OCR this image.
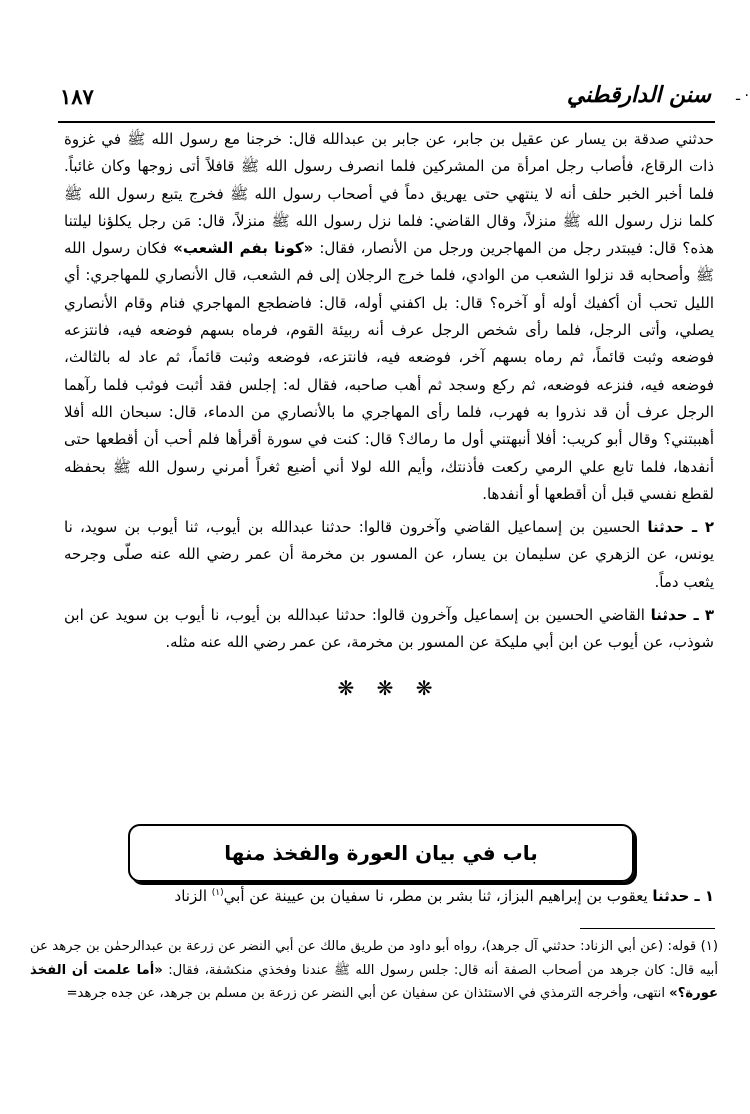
سنن الدارقطني
١٨٧	ـ ·

حدثني صدقة بن يسار عن عقيل بن جابر، عن جابر بن عبدالله قال: خرجنا مع رسول الله ﷺ في غزوة ذات الرقاع، فأصاب رجل امرأة من المشركين فلما انصرف رسول الله ﷺ قافلاً أتى زوجها وكان غائباً. فلما أخبر الخبر حلف أنه لا ينتهي حتى يهريق دماً في أصحاب رسول الله ﷺ فخرج يتبع رسول الله ﷺ كلما نزل رسول الله ﷺ منزلاً، وقال القاضي: فلما نزل رسول الله ﷺ منزلاً، قال: مَن رجل يكلؤنا ليلتنا هذه؟ قال: فيبتدر رجل من المهاجرين ورجل من الأنصار، فقال: «كونا بفم الشعب» فكان رسول الله ﷺ وأصحابه قد نزلوا الشعب من الوادي، فلما خرج الرجلان إلى فم الشعب، قال الأنصاري للمهاجري: أي الليل تحب أن أكفيك أوله أو آخره؟ قال: بل اكفني أوله، قال: فاضطجع المهاجري فنام وقام الأنصاري يصلي، وأتى الرجل، فلما رأى شخص الرجل عرف أنه ربيئة القوم، فرماه بسهم فوضعه فيه، فانتزعه فوضعه وثبت قائماً، ثم رماه بسهم آخر، فوضعه فيه، فانتزعه، فوضعه وثبت قائماً، ثم عاد له بالثالث، فوضعه فيه، فنزعه فوضعه، ثم ركع وسجد ثم أهب صاحبه، فقال له: إجلس فقد أثبت فوثب فلما رآهما الرجل عرف أن قد نذروا به فهرب، فلما رأى المهاجري ما بالأنصاري من الدماء، قال: سبحان الله أفلا أهببتني؟ وقال أبو كريب: أفلا أنبهتني أول ما رماك؟ قال: كنت في سورة أقرأها فلم أحب أن أقطعها حتى أنفدها، فلما تابع علي الرمي ركعت فأذنتك، وأيم الله لولا أني أضيع ثغراً أمرني رسول الله ﷺ بحفظه لقطع نفسي قبل أن أقطعها أو أنفدها.

٢ ـ حدثنا الحسين بن إسماعيل القاضي وآخرون قالوا: حدثنا عبدالله بن أيوب، ثنا أيوب بن سويد، نا يونس، عن الزهري عن سليمان بن يسار، عن المسور بن مخرمة أن عمر رضي الله عنه صلّى وجرحه يثعب دماً.

٣ ـ حدثنا القاضي الحسين بن إسماعيل وآخرون قالوا: حدثنا عبدالله بن أيوب، نا أيوب بن سويد عن ابن شوذب، عن أيوب عن ابن أبي مليكة عن المسور بن مخرمة، عن عمر رضي الله عنه مثله.

❋ ❋ ❋
باب في بيان العورة والفخذ منها
١ ـ حدثنا يعقوب بن إبراهيم البزاز، ثنا بشر بن مطر، نا سفيان بن عيينة عن أبي$^{(١)}$ الزناد
(١) قوله: (عن أبي الزناد: حدثني آل جرهد)، رواه أبو داود من طريق مالك عن أبي النضر عن زرعة بن عبدالرحمٰن بن جرهد عن أبيه قال: كان جرهد من أصحاب الصفة أنه قال: جلس رسول الله ﷺ عندنا وفخذي منكشفة، فقال: «أما علمت أن الفخذ عورة؟» انتهى، وأخرجه الترمذي في الاستئذان عن سفيان عن أبي النضر عن زرعة بن مسلم بن جرهد، عن جده جرهد=
